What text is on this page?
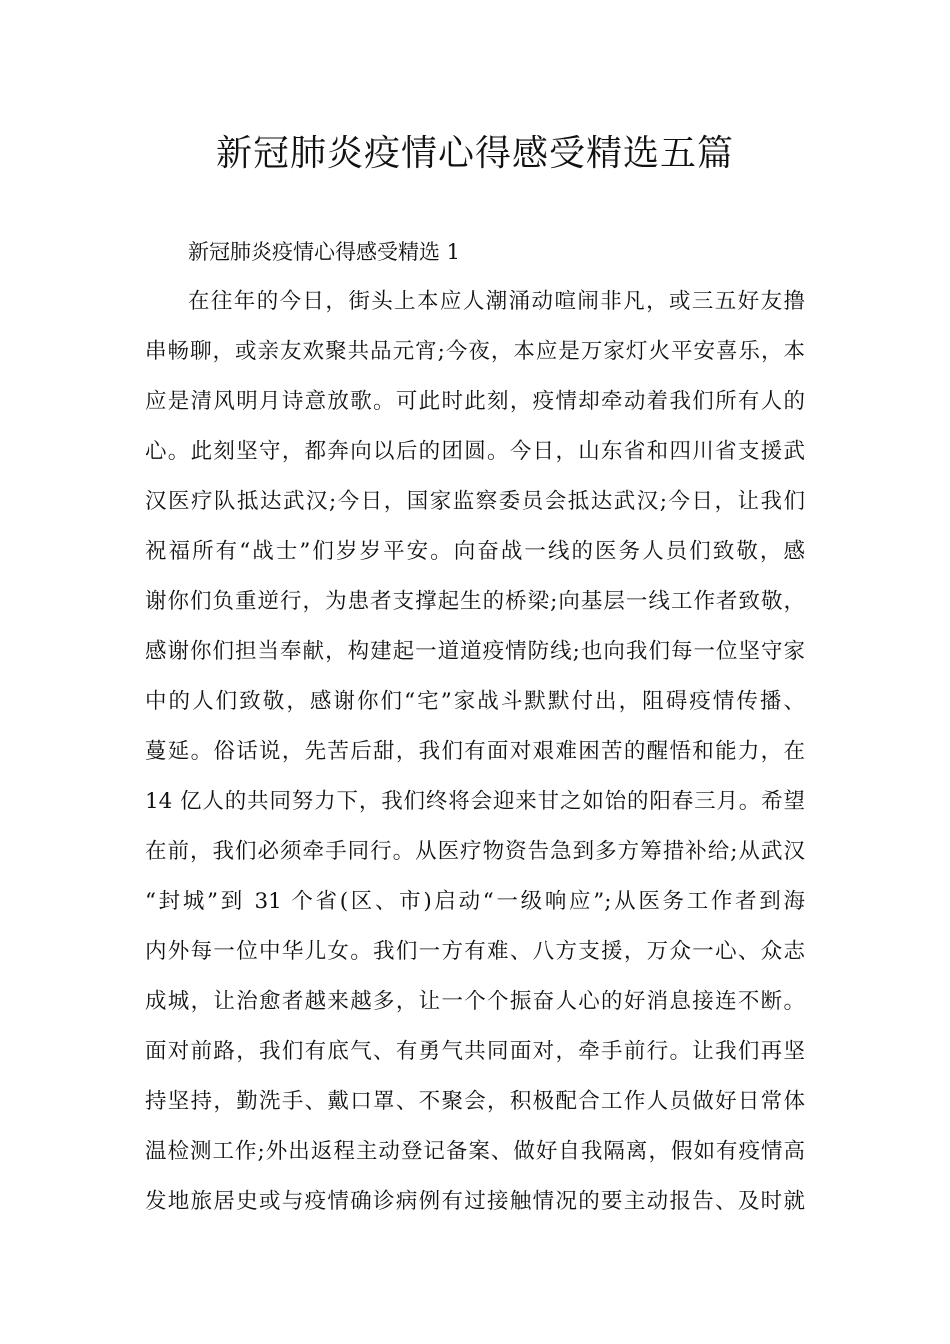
新冠肺炎疫情心得感受精选五篇
新冠肺炎疫情心得感受精选 1
在往年的今日，街头上本应人潮涌动喧闹非凡，或三五好友撸
串畅聊，或亲友欢聚共品元宵;今夜，本应是万家灯火平安喜乐，本
应是清风明月诗意放歌。可此时此刻，疫情却牵动着我们所有人的
心。此刻坚守，都奔向以后的团圆。今日，山东省和四川省支援武
汉医疗队抵达武汉;今日，国家监察委员会抵达武汉;今日，让我们
祝福所有“战士”们岁岁平安。向奋战一线的医务人员们致敬，感
谢你们负重逆行，为患者支撑起生的桥梁;向基层一线工作者致敬，
感谢你们担当奉献，构建起一道道疫情防线;也向我们每一位坚守家
中的人们致敬，感谢你们“宅”家战斗默默付出，阻碍疫情传播、
蔓延。俗话说，先苦后甜，我们有面对艰难困苦的醒悟和能力，在
14 亿人的共同努力下，我们终将会迎来甘之如饴的阳春三月。希望
在前，我们必须牵手同行。从医疗物资告急到多方筹措补给;从武汉
“封城”到 31 个省(区、市)启动“一级响应”;从医务工作者到海
内外每一位中华儿女。我们一方有难、八方支援，万众一心、众志
成城，让治愈者越来越多，让一个个振奋人心的好消息接连不断。
面对前路，我们有底气、有勇气共同面对，牵手前行。让我们再坚
持坚持，勤洗手、戴口罩、不聚会，积极配合工作人员做好日常体
温检测工作;外出返程主动登记备案、做好自我隔离，假如有疫情高
发地旅居史或与疫情确诊病例有过接触情况的要主动报告、及时就
